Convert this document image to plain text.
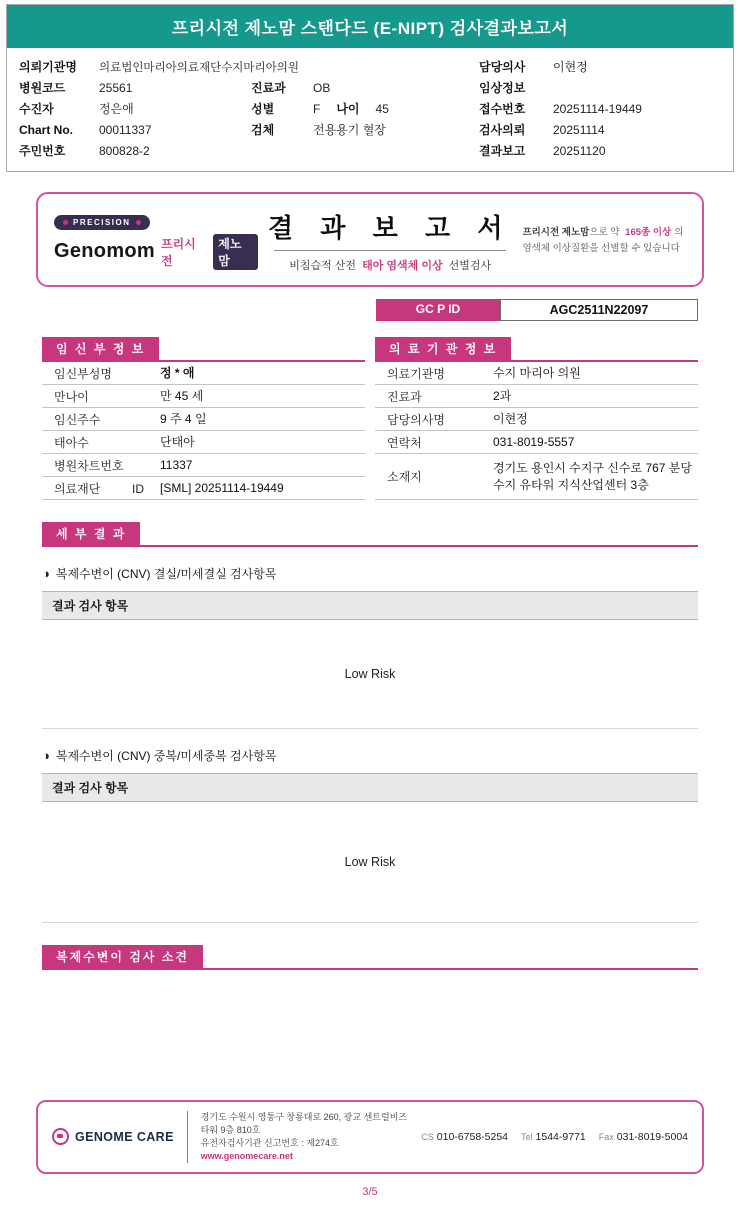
프리시전 제노맘 스탠다드 (E-NIPT) 검사결과보고서
의뢰기관명	의료법인마리아의료재단수지마리아의원	담당의사	이현정
병원코드	25561	진료과	OB	임상정보
수진자	정은애	성별	F 나이 45	접수번호	20251114-19449
Chart No.	00011337	검체	전용용기 혈장	검사의뢰	20251114
주민번호	800828-2	결과보고	20251120
PRECISION
Genomom 프리시전
제노맘
결 과 보 고 서
비침습적 산전 태아 염색체 이상 선별검사
프리시전 제노맘으로 약 165종 이상 의
염색체 이상질환을 선별할 수 있습니다
GC P ID	AGC2511N22097
임 신 부 정 보
임신부성명	정 * 애
만나이	만 45 세
임신주수	9 주 4 일
태아수	단태아
병원차트번호	11337
의료재단 ID	[SML] 20251114-19449
의 료 기 관 정 보
의료기관명	수지 마리아 의원
진료과	2과
담당의사명	이현정
연락처	031-8019-5557
소재지
경기도 용인시 수지구 신수로 767 분당 수지 유타워 지식산업센터 3층
세 부 결 과
◑ 복제수변이 (CNV) 결실/미세결실 검사항목
결과 검사 항목
Low Risk
◑ 복제수변이 (CNV) 중복/미세중복 검사항목
결과 검사 항목
Low Risk
복제수변이 검사 소견
GENOME CARE
경기도 수원시 영통구 창룡대로 260, 광교 센트럴비즈타워 9층 810호
유전자검사기관 신고번호 : 제274호
www.genomecare.net
CS 010-6758-5254 Tel 1544-9771 Fax 031-8019-5004
3/5
